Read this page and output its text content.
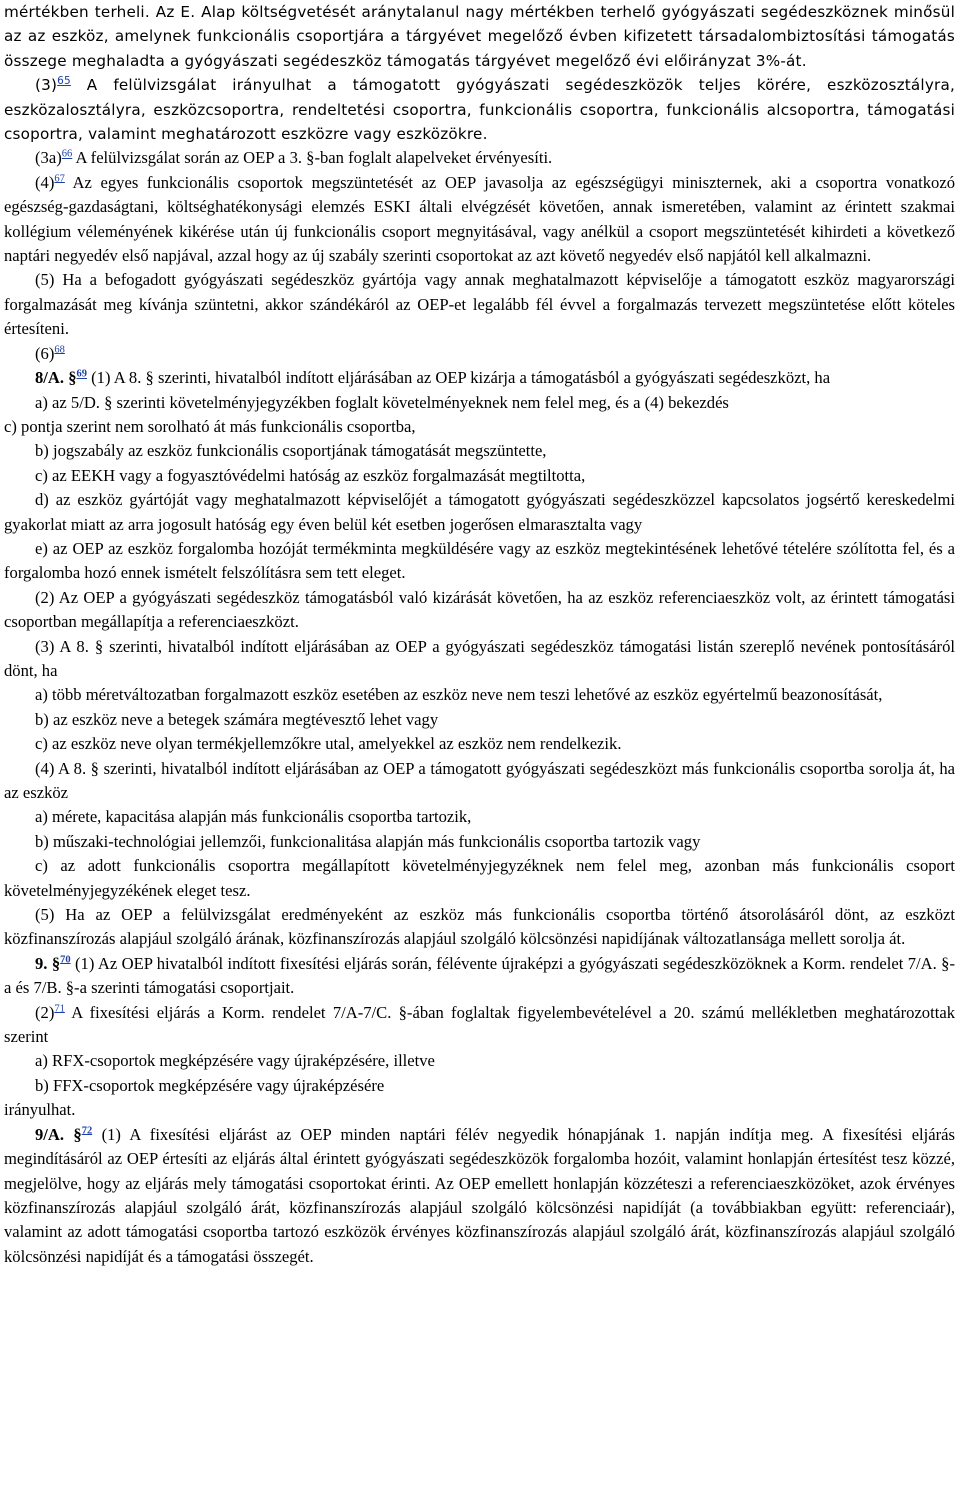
mértékben terheli. Az E. Alap költségvetését aránytalanul nagy mértékben terhelő gyógyászati segédeszköznek minősül az az eszköz, amelynek funkcionális csoportjára a tárgyévet megelőző évben kifizetett társadalombiztosítási támogatás összege meghaladta a gyógyászati segédeszköz támogatás tárgyévet megelőző évi előirányzat 3%-át.

(3)$^{65}$ A felülvizsgálat irányulhat a támogatott gyógyászati segédeszközök teljes körére, eszközosztályra, eszközalosztályra, eszközcsoportra, rendeltetési csoportra, funkcionális csoportra, funkcionális alcsoportra, támogatási csoportra, valamint meghatározott eszközre vagy eszközökre.

(3a)$^{66}$ A felülvizsgálat során az OEP a 3. §-ban foglalt alapelveket érvényesíti.

(4)$^{67}$ Az egyes funkcionális csoportok megszüntetését az OEP javasolja az egészségügyi miniszternek, aki a csoportra vonatkozó egészség-gazdaságtani, költséghatékonysági elemzés ESKI általi elvégzését követően, annak ismeretében, valamint az érintett szakmai kollégium véleményének kikérése után új funkcionális csoport megnyitásával, vagy anélkül a csoport megszüntetését kihirdeti a következő naptári negyedév első napjával, azzal hogy az új szabály szerinti csoportokat az azt követő negyedév első napjától kell alkalmazni.

(5) Ha a befogadott gyógyászati segédeszköz gyártója vagy annak meghatalmazott képviselője a támogatott eszköz magyarországi forgalmazását meg kívánja szüntetni, akkor szándékáról az OEP-et legalább fél évvel a forgalmazás tervezett megszüntetése előtt köteles értesíteni.

(6)$^{68}$

8/A. §$^{69}$ (1) A 8. § szerinti, hivatalból indított eljárásában az OEP kizárja a támogatásból a gyógyászati segédeszközt, ha

a) az 5/D. § szerinti követelményjegyzékben foglalt követelményeknek nem felel meg, és a (4) bekezdés

c) pontja szerint nem sorolható át más funkcionális csoportba,

b) jogszabály az eszköz funkcionális csoportjának támogatását megszüntette,

c) az EEKH vagy a fogyasztóvédelmi hatóság az eszköz forgalmazását megtiltotta,

d) az eszköz gyártóját vagy meghatalmazott képviselőjét a támogatott gyógyászati segédeszközzel kapcsolatos jogsértő kereskedelmi gyakorlat miatt az arra jogosult hatóság egy éven belül két esetben jogerősen elmarasztalta vagy

e) az OEP az eszköz forgalomba hozóját termékminta megküldésére vagy az eszköz megtekintésének lehetővé tételére szólította fel, és a forgalomba hozó ennek ismételt felszólításra sem tett eleget.

(2) Az OEP a gyógyászati segédeszköz támogatásból való kizárását követően, ha az eszköz referenciaeszköz volt, az érintett támogatási csoportban megállapítja a referenciaeszközt.

(3) A 8. § szerinti, hivatalból indított eljárásában az OEP a gyógyászati segédeszköz támogatási listán szereplő nevének pontosításáról dönt, ha

a) több méretváltozatban forgalmazott eszköz esetében az eszköz neve nem teszi lehetővé az eszköz egyértelmű beazonosítását,

b) az eszköz neve a betegek számára megtévesztő lehet vagy

c) az eszköz neve olyan termékjellemzőkre utal, amelyekkel az eszköz nem rendelkezik.

(4) A 8. § szerinti, hivatalból indított eljárásában az OEP a támogatott gyógyászati segédeszközt más funkcionális csoportba sorolja át, ha az eszköz

a) mérete, kapacitása alapján más funkcionális csoportba tartozik,

b) műszaki-technológiai jellemzői, funkcionalitása alapján más funkcionális csoportba tartozik vagy

c) az adott funkcionális csoportra megállapított követelményjegyzéknek nem felel meg, azonban más funkcionális csoport követelményjegyzékének eleget tesz.

(5) Ha az OEP a felülvizsgálat eredményeként az eszköz más funkcionális csoportba történő átsorolásáról dönt, az eszközt közfinanszírozás alapjául szolgáló árának, közfinanszírozás alapjául szolgáló kölcsönzési napidíjának változatlansága mellett sorolja át.

9. §$^{70}$ (1) Az OEP hivatalból indított fixesítési eljárás során, félévente újraképzi a gyógyászati segédeszközöknek a Korm. rendelet 7/A. §-a és 7/B. §-a szerinti támogatási csoportjait.

(2)$^{71}$ A fixesítési eljárás a Korm. rendelet 7/A-7/C. §-ában foglaltak figyelembevételével a 20. számú mellékletben meghatározottak szerint

a) RFX-csoportok megképzésére vagy újraképzésére, illetve

b) FFX-csoportok megképzésére vagy újraképzésére

irányulhat.

9/A. §$^{72}$ (1) A fixesítési eljárást az OEP minden naptári félév negyedik hónapjának 1. napján indítja meg. A fixesítési eljárás megindításáról az OEP értesíti az eljárás által érintett gyógyászati segédeszközök forgalomba hozóit, valamint honlapján értesítést tesz közzé, megjelölve, hogy az eljárás mely támogatási csoportokat érinti. Az OEP emellett honlapján közzéteszi a referenciaeszközöket, azok érvényes közfinanszírozás alapjául szolgáló árát, közfinanszírozás alapjául szolgáló kölcsönzési napidíját (a továbbiakban együtt: referenciaár), valamint az adott támogatási csoportba tartozó eszközök érvényes közfinanszírozás alapjául szolgáló árát, közfinanszírozás alapjául szolgáló kölcsönzési napidíját és a támogatási összegét.
